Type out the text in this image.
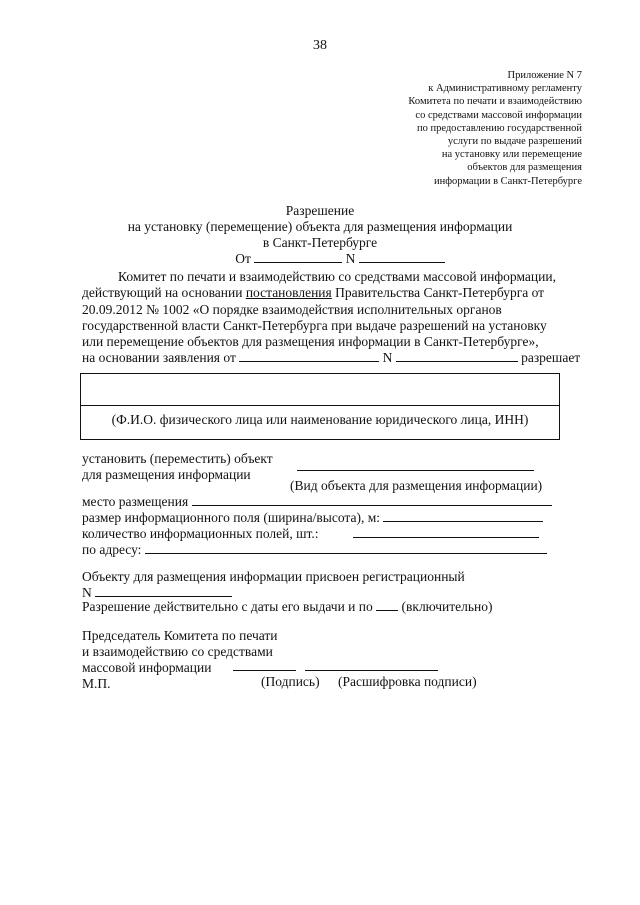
38
Приложение N 7
к Административному регламенту
Комитета по печати и взаимодействию
со средствами массовой информации
по предоставлению государственной
услуги по выдаче разрешений
на установку или перемещение
объектов для размещения
информации в Санкт-Петербурге
Разрешение
на установку (перемещение) объекта для размещения информации
в Санкт-Петербурге
От	N
Комитет по печати и взаимодействию со средствами массовой информации,
действующий на основании постановления Правительства Санкт-Петербурга от
20.09.2012 № 1002 «О порядке взаимодействия исполнительных органов
государственной власти Санкт-Петербурга при выдаче разрешений на установку
или перемещение объектов для размещения информации в Санкт-Петербурге»,
на основании заявления от	N	разрешает
(Ф.И.О. физического лица или наименование юридического лица, ИНН)
установить (переместить) объект
для размещения информации
(Вид объекта для размещения информации)
место размещения
размер информационного поля (ширина/высота), м:
количество информационных полей, шт.:
по адресу:
Объекту для размещения информации присвоен регистрационный
N
Разрешение действительно с даты его выдачи и по (включительно)
Председатель Комитета по печати
и взаимодействию со средствами
массовой информации
М.П.	(Подпись) (Расшифровка подписи)
